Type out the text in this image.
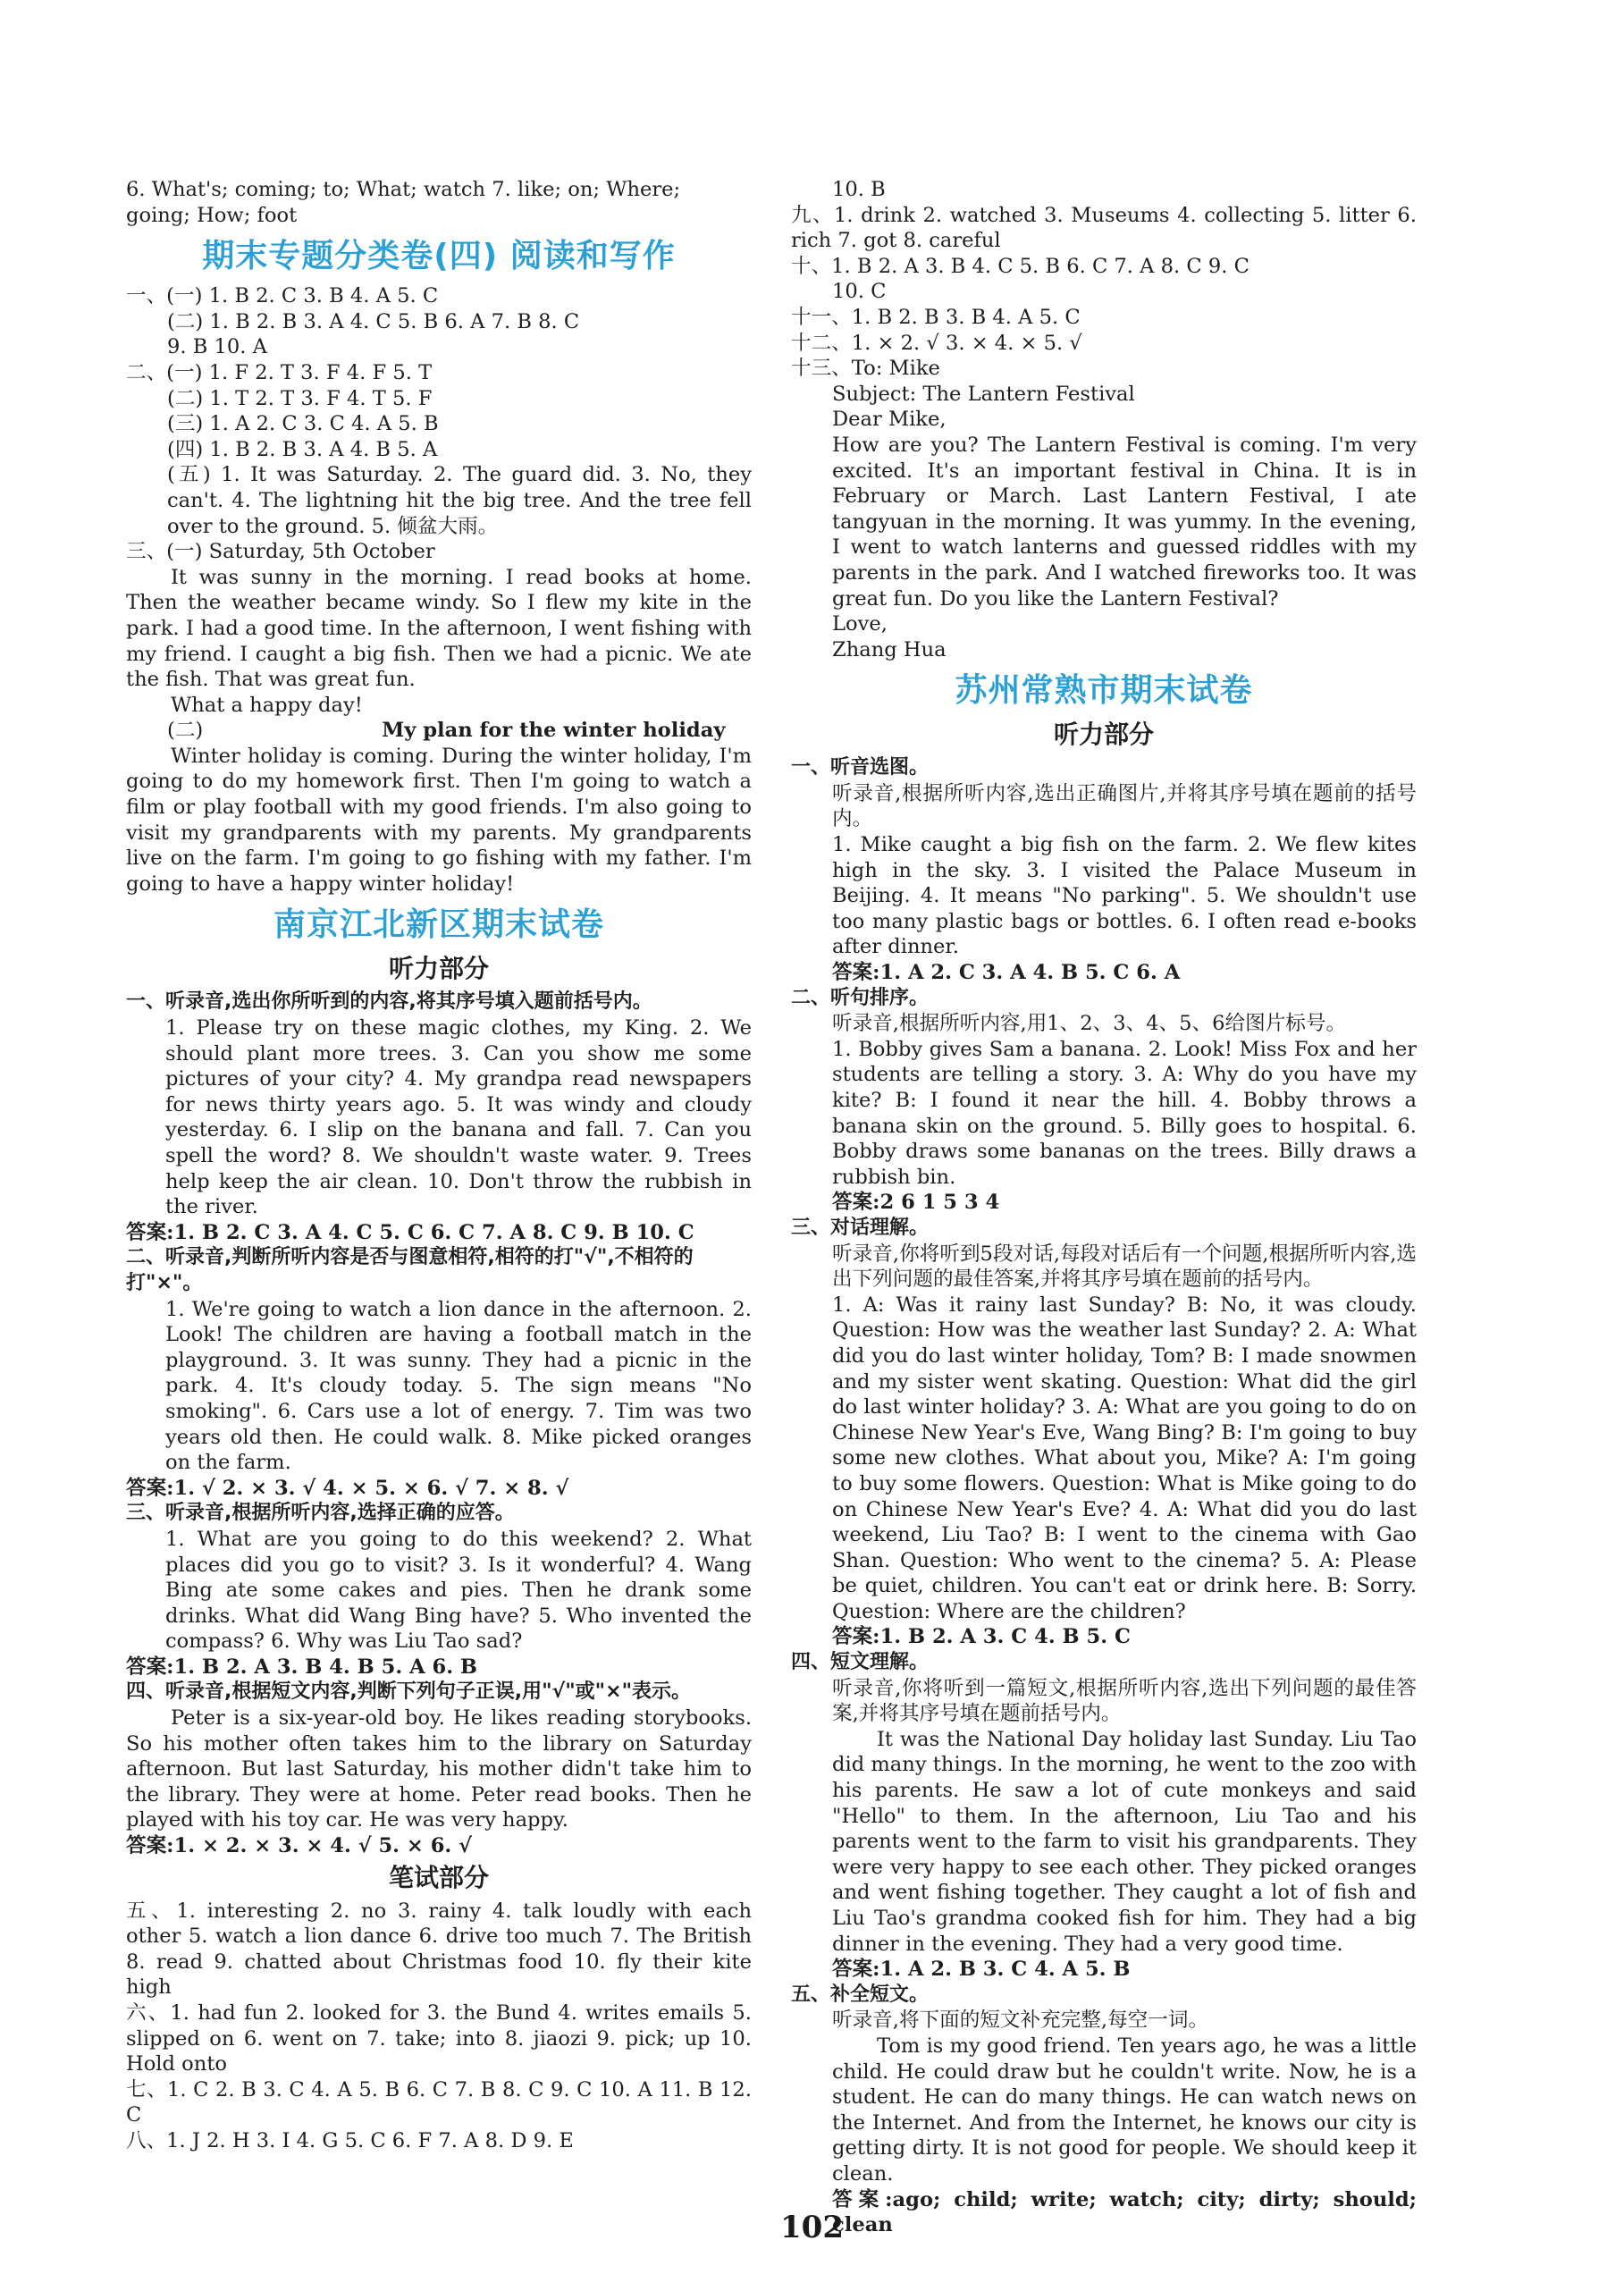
6. What's; coming; to; What; watch 7. like; on; Where;
going; How; foot
期末专题分类卷(四) 阅读和写作
一、(一) 1. B 2. C 3. B 4. A 5. C
(二) 1. B 2. B 3. A 4. C 5. B 6. A 7. B 8. C
9. B 10. A
二、(一) 1. F 2. T 3. F 4. F 5. T
(二) 1. T 2. T 3. F 4. T 5. F
(三) 1. A 2. C 3. C 4. A 5. B
(四) 1. B 2. B 3. A 4. B 5. A
(五) 1. It was Saturday. 2. The guard did. 3. No, they can't. 4. The lightning hit the big tree. And the tree fell over to the ground. 5. 倾盆大雨。
三、(一) Saturday, 5th October
It was sunny in the morning. I read books at home. Then the weather became windy. So I flew my kite in the park. I had a good time. In the afternoon, I went fishing with my friend. I caught a big fish. Then we had a picnic. We ate the fish. That was great fun.
What a happy day!
(二)	My plan for the winter holiday
Winter holiday is coming. During the winter holiday, I'm going to do my homework first. Then I'm going to watch a film or play football with my good friends. I'm also going to visit my grandparents with my parents. My grandparents live on the farm. I'm going to go fishing with my father. I'm going to have a happy winter holiday!
南京江北新区期末试卷
听力部分
一、听录音,选出你所听到的内容,将其序号填入题前括号内。
1. Please try on these magic clothes, my King. 2. We should plant more trees. 3. Can you show me some pictures of your city? 4. My grandpa read newspapers for news thirty years ago. 5. It was windy and cloudy yesterday. 6. I slip on the banana and fall. 7. Can you spell the word? 8. We shouldn't waste water. 9. Trees help keep the air clean. 10. Don't throw the rubbish in the river.
答案:1. B 2. C 3. A 4. C 5. C 6. C 7. A 8. C 9. B 10. C
二、听录音,判断所听内容是否与图意相符,相符的打"√",不相符的打"×"。
1. We're going to watch a lion dance in the afternoon. 2. Look! The children are having a football match in the playground. 3. It was sunny. They had a picnic in the park. 4. It's cloudy today. 5. The sign means "No smoking". 6. Cars use a lot of energy. 7. Tim was two years old then. He could walk. 8. Mike picked oranges on the farm.
答案:1. √ 2. × 3. √ 4. × 5. × 6. √ 7. × 8. √
三、听录音,根据所听内容,选择正确的应答。
1. What are you going to do this weekend? 2. What places did you go to visit? 3. Is it wonderful? 4. Wang Bing ate some cakes and pies. Then he drank some drinks. What did Wang Bing have? 5. Who invented the compass? 6. Why was Liu Tao sad?
答案:1. B 2. A 3. B 4. B 5. A 6. B
四、听录音,根据短文内容,判断下列句子正误,用"√"或"×"表示。
Peter is a six-year-old boy. He likes reading storybooks. So his mother often takes him to the library on Saturday afternoon. But last Saturday, his mother didn't take him to the library. They were at home. Peter read books. Then he played with his toy car. He was very happy.
答案:1. × 2. × 3. × 4. √ 5. × 6. √
笔试部分
五、1. interesting 2. no 3. rainy 4. talk loudly with each other 5. watch a lion dance 6. drive too much 7. The British 8. read 9. chatted about Christmas food 10. fly their kite high
六、1. had fun 2. looked for 3. the Bund 4. writes emails 5. slipped on 6. went on 7. take; into 8. jiaozi 9. pick; up 10. Hold onto
七、1. C 2. B 3. C 4. A 5. B 6. C 7. B 8. C 9. C 10. A 11. B 12. C
八、1. J 2. H 3. I 4. G 5. C 6. F 7. A 8. D 9. E
10. B
九、1. drink 2. watched 3. Museums 4. collecting 5. litter 6. rich 7. got 8. careful
十、1. B 2. A 3. B 4. C 5. B 6. C 7. A 8. C 9. C
10. C
十一、1. B 2. B 3. B 4. A 5. C
十二、1. × 2. √ 3. × 4. × 5. √
十三、To: Mike
Subject: The Lantern Festival
Dear Mike,
How are you? The Lantern Festival is coming. I'm very excited. It's an important festival in China. It is in February or March. Last Lantern Festival, I ate tangyuan in the morning. It was yummy. In the evening, I went to watch lanterns and guessed riddles with my parents in the park. And I watched fireworks too. It was great fun. Do you like the Lantern Festival?
Love,
Zhang Hua
苏州常熟市期末试卷
听力部分
一、听音选图。
听录音,根据所听内容,选出正确图片,并将其序号填在题前的括号内。
1. Mike caught a big fish on the farm. 2. We flew kites high in the sky. 3. I visited the Palace Museum in Beijing. 4. It means "No parking". 5. We shouldn't use too many plastic bags or bottles. 6. I often read e-books after dinner.
答案:1. A 2. C 3. A 4. B 5. C 6. A
二、听句排序。
听录音,根据所听内容,用1、2、3、4、5、6给图片标号。
1. Bobby gives Sam a banana. 2. Look! Miss Fox and her students are telling a story. 3. A: Why do you have my kite? B: I found it near the hill. 4. Bobby throws a banana skin on the ground. 5. Billy goes to hospital. 6. Bobby draws some bananas on the trees. Billy draws a rubbish bin.
答案:2 6 1 5 3 4
三、对话理解。
听录音,你将听到5段对话,每段对话后有一个问题,根据所听内容,选出下列问题的最佳答案,并将其序号填在题前的括号内。
1. A: Was it rainy last Sunday? B: No, it was cloudy. Question: How was the weather last Sunday? 2. A: What did you do last winter holiday, Tom? B: I made snowmen and my sister went skating. Question: What did the girl do last winter holiday? 3. A: What are you going to do on Chinese New Year's Eve, Wang Bing? B: I'm going to buy some new clothes. What about you, Mike? A: I'm going to buy some flowers. Question: What is Mike going to do on Chinese New Year's Eve? 4. A: What did you do last weekend, Liu Tao? B: I went to the cinema with Gao Shan. Question: Who went to the cinema? 5. A: Please be quiet, children. You can't eat or drink here. B: Sorry. Question: Where are the children?
答案:1. B 2. A 3. C 4. B 5. C
四、短文理解。
听录音,你将听到一篇短文,根据所听内容,选出下列问题的最佳答案,并将其序号填在题前括号内。
It was the National Day holiday last Sunday. Liu Tao did many things. In the morning, he went to the zoo with his parents. He saw a lot of cute monkeys and said "Hello" to them. In the afternoon, Liu Tao and his parents went to the farm to visit his grandparents. They were very happy to see each other. They picked oranges and went fishing together. They caught a lot of fish and Liu Tao's grandma cooked fish for him. They had a big dinner in the evening. They had a very good time.
答案:1. A 2. B 3. C 4. A 5. B
五、补全短文。
听录音,将下面的短文补充完整,每空一词。
Tom is my good friend. Ten years ago, he was a little child. He could draw but he couldn't write. Now, he is a student. He can do many things. He can watch news on the Internet. And from the Internet, he knows our city is getting dirty. It is not good for people. We should keep it clean.
答案:ago; child; write; watch; city; dirty; should; clean
102
